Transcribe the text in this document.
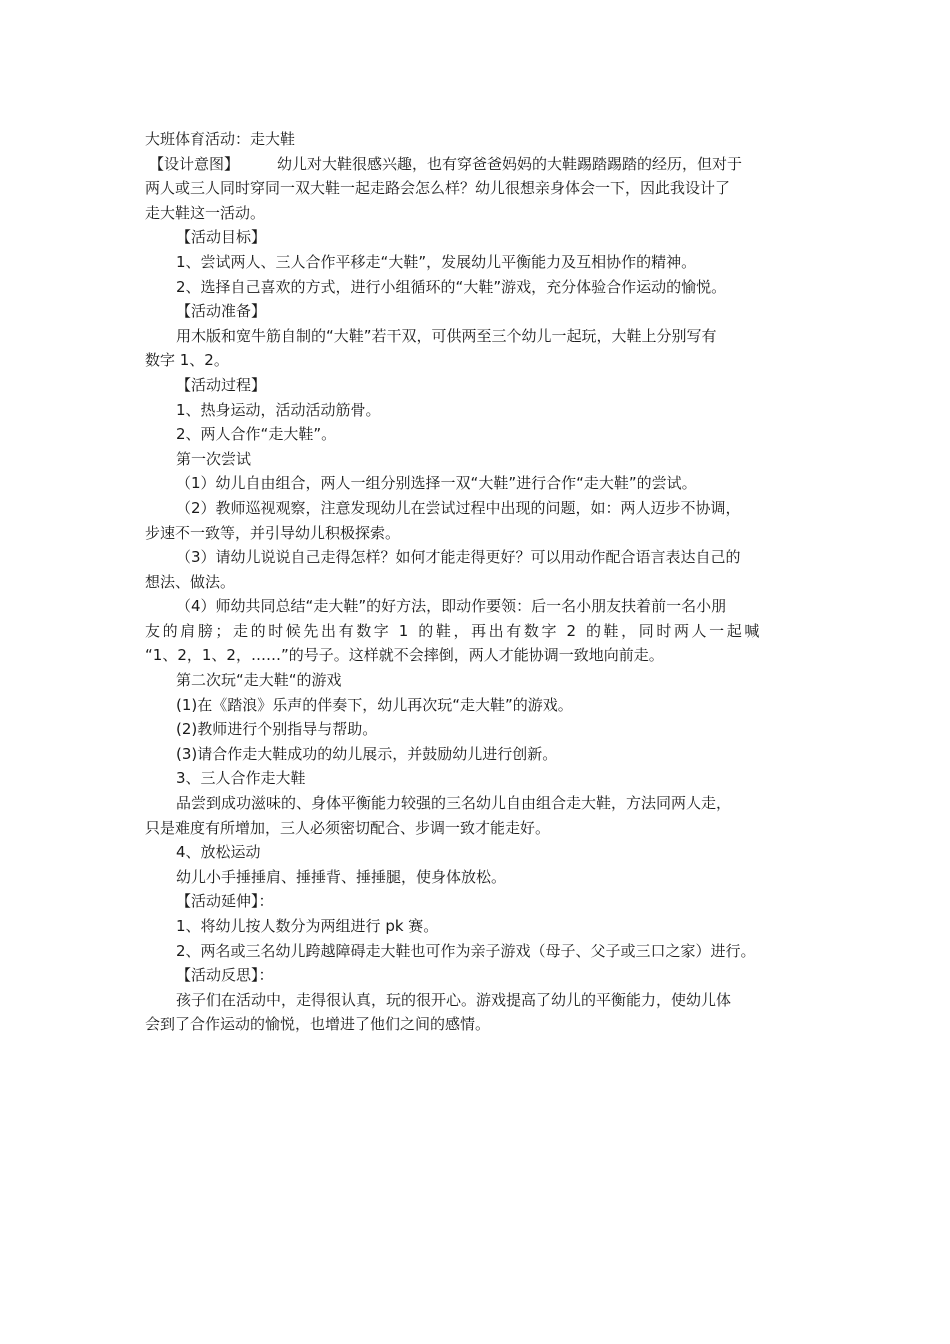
大班体育活动：走大鞋
【设计意图】	幼儿对大鞋很感兴趣，也有穿爸爸妈妈的大鞋踢踏踢踏的经历，但对于
两人或三人同时穿同一双大鞋一起走路会怎么样？幼儿很想亲身体会一下，因此我设计了
走大鞋这一活动。
【活动目标】
1、尝试两人、三人合作平移走“大鞋”，发展幼儿平衡能力及互相协作的精神。
2、选择自己喜欢的方式，进行小组循环的“大鞋”游戏，充分体验合作运动的愉悦。
【活动准备】
用木版和宽牛筋自制的“大鞋”若干双，可供两至三个幼儿一起玩，大鞋上分别写有
数字 1、2。
【活动过程】
1、热身运动，活动活动筋骨。
2、两人合作“走大鞋”。
第一次尝试
（1）幼儿自由组合，两人一组分别选择一双“大鞋”进行合作“走大鞋”的尝试。
（2）教师巡视观察，注意发现幼儿在尝试过程中出现的问题，如：两人迈步不协调，
步速不一致等，并引导幼儿积极探索。
（3）请幼儿说说自己走得怎样？如何才能走得更好？可以用动作配合语言表达自己的
想法、做法。
（4）师幼共同总结“走大鞋”的好方法，即动作要领：后一名小朋友扶着前一名小朋
友的肩膀；走的时候先出有数字 1 的鞋，再出有数字 2 的鞋，同时两人一起喊
“1、2，1、2，……”的号子。这样就不会摔倒，两人才能协调一致地向前走。
第二次玩“走大鞋“的游戏
(1)在《踏浪》乐声的伴奏下，幼儿再次玩“走大鞋”的游戏。
(2)教师进行个别指导与帮助。
(3)请合作走大鞋成功的幼儿展示，并鼓励幼儿进行创新。
3、三人合作走大鞋
品尝到成功滋味的、身体平衡能力较强的三名幼儿自由组合走大鞋，方法同两人走，
只是难度有所增加，三人必须密切配合、步调一致才能走好。
4、放松运动
幼儿小手捶捶肩、捶捶背、捶捶腿，使身体放松。
【活动延伸】：
1、将幼儿按人数分为两组进行 pk 赛。
2、两名或三名幼儿跨越障碍走大鞋也可作为亲子游戏（母子、父子或三口之家）进行。
【活动反思】：
孩子们在活动中，走得很认真，玩的很开心。游戏提高了幼儿的平衡能力，使幼儿体
会到了合作运动的愉悦，也增进了他们之间的感情。
